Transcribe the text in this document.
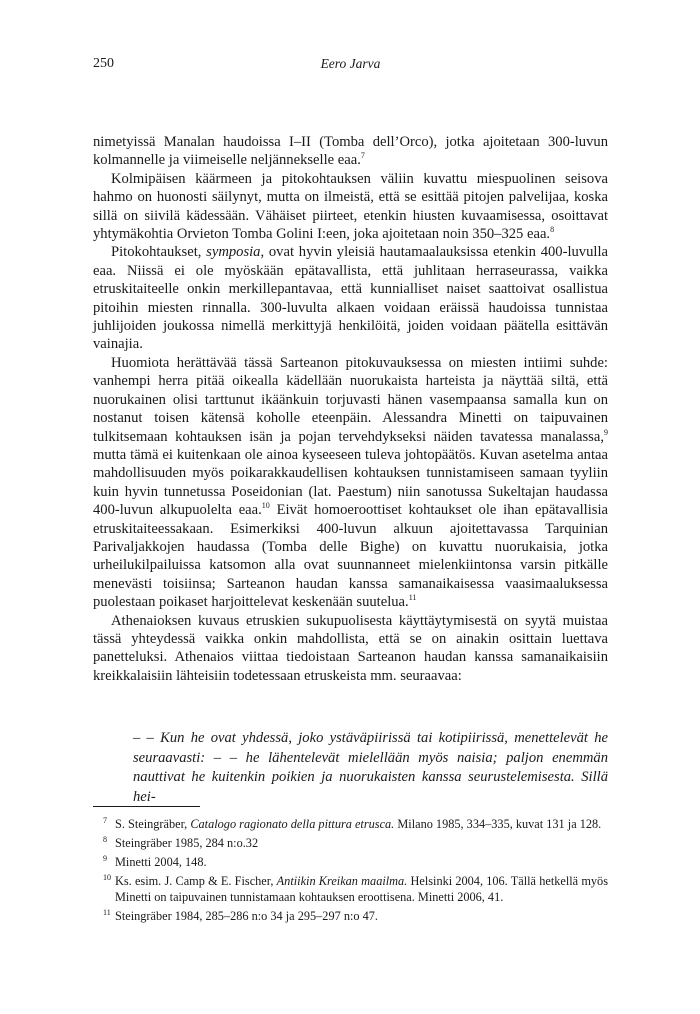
250	Eero Jarva

nimetyissä Manalan haudoissa I–II (Tomba dell’Orco), jotka ajoitetaan 300-luvun kolmannelle ja viimeiselle neljännekselle eaa.$^7$

Kolmipäisen käärmeen ja pitokohtauksen väliin kuvattu miespuolinen seisova hahmo on huonosti säilynyt, mutta on ilmeistä, että se esittää pitojen palvelijaa, koska sillä on siivilä kädessään. Vähäiset piirteet, etenkin hiusten kuvaamisessa, osoittavat yhtymäkohtia Orvieton Tomba Golini I:een, joka ajoitetaan noin 350–325 eaa.$^8$

Pitokohtaukset, symposia, ovat hyvin yleisiä hautamaalauksissa etenkin 400-luvulla eaa. Niissä ei ole myöskään epätavallista, että juhlitaan herraseurassa, vaikka etruskitaiteelle onkin merkillepantavaa, että kunnialliset naiset saattoivat osallistua pitoihin miesten rinnalla. 300-luvulta alkaen voidaan eräissä haudoissa tunnistaa juhlijoiden joukossa nimellä merkittyjä henkilöitä, joiden voidaan päätella esittävän vainajia.

Huomiota herättävää tässä Sarteanon pitokuvauksessa on miesten intiimi suhde: vanhempi herra pitää oikealla kädellään nuorukaista harteista ja näyttää siltä, että nuorukainen olisi tarttunut ikäänkuin torjuvasti hänen vasempaansa samalla kun on nostanut toisen kätensä koholle eteenpäin. Alessandra Minetti on taipuvainen tulkitsemaan kohtauksen isän ja pojan tervehdykseksi näiden tavatessa manalassa,$^9$ mutta tämä ei kuitenkaan ole ainoa kyseeseen tuleva johtopäätös. Kuvan asetelma antaa mahdollisuuden myös poikarakkaudellisen kohtauksen tunnistamiseen samaan tyyliin kuin hyvin tunnetussa Poseidonian (lat. Paestum) niin sanotussa Sukeltajan haudassa 400-luvun alkupuolelta eaa.$^{10}$ Eivät homoeroottiset kohtaukset ole ihan epätavallisia etruskitaiteessakaan. Esimerkiksi 400-luvun alkuun ajoitettavassa Tarquinian Parivaljakkojen haudassa (Tomba delle Bighe) on kuvattu nuorukaisia, jotka urheilukilpailuissa katsomon alla ovat suunnanneet mielenkiintonsa varsin pitkälle menevästi toisiinsa; Sarteanon haudan kanssa samanaikaisessa vaasimaaluksessa puolestaan poikaset harjoittelevat keskenään suutelua.$^{11}$

Athenaioksen kuvaus etruskien sukupuolisesta käyttäytymisestä on syytä muistaa tässä yhteydessä vaikka onkin mahdollista, että se on ainakin osittain luettava panetteluksi. Athenaios viittaa tiedoistaan Sarteanon haudan kanssa samanaikaisiin kreikkalaisiin lähteisiin todetessaan etruskeista mm. seuraavaa:

– – Kun he ovat yhdessä, joko ystäväpiirissä tai kotipiirissä, menettelevät he seuraavasti: – – he lähentelevät mielellään myös naisia; paljon enemmän nauttivat he kuitenkin poikien ja nuorukaisten kanssa seurustelemisesta. Sillä hei-

7 S. Steingräber, Catalogo ragionato della pittura etrusca. Milano 1985, 334–335, kuvat 131 ja 128.
8 Steingräber 1985, 284 n:o.32
9 Minetti 2004, 148.
10 Ks. esim. J. Camp & E. Fischer, Antiikin Kreikan maailma. Helsinki 2004, 106. Tällä hetkellä myös Minetti on taipuvainen tunnistamaan kohtauksen eroottisena. Minetti 2006, 41.
11 Steingräber 1984, 285–286 n:o 34 ja 295–297 n:o 47.
